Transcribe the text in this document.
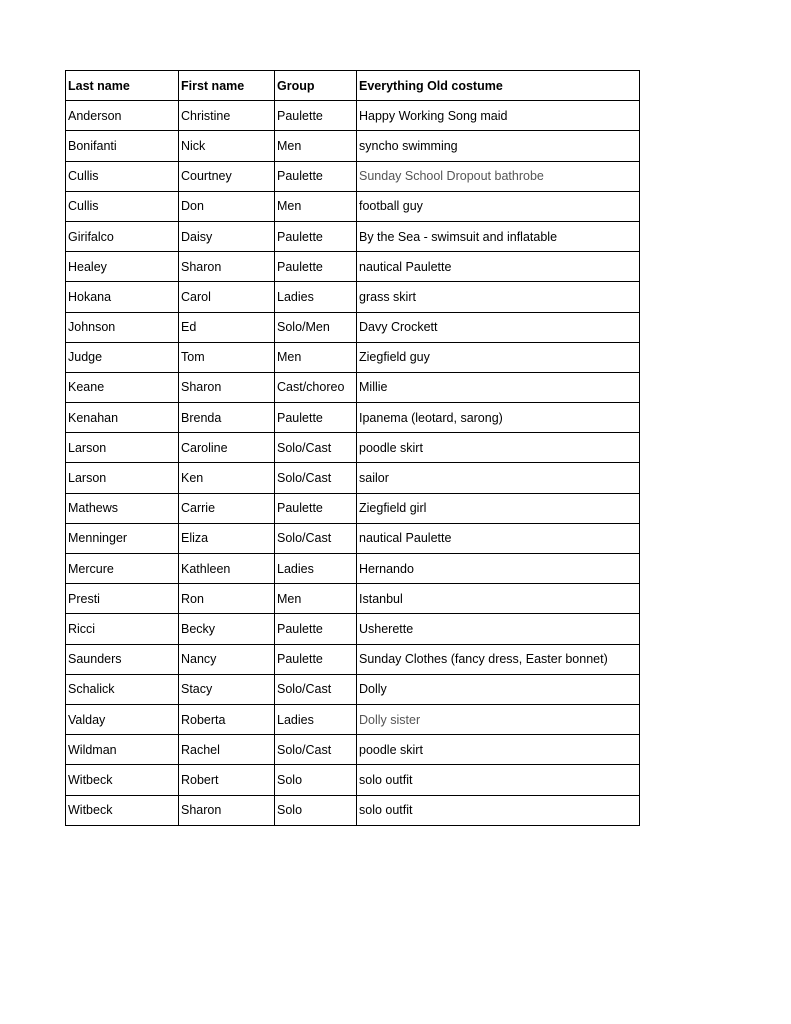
Last name	First name	Group	Everything Old costume
Anderson	Christine	Paulette	Happy Working Song maid
Bonifanti	Nick	Men	syncho swimming
Cullis	Courtney	Paulette	Sunday School Dropout bathrobe
Cullis	Don	Men	football guy
Girifalco	Daisy	Paulette	By the Sea - swimsuit and inflatable
Healey	Sharon	Paulette	nautical Paulette
Hokana	Carol	Ladies	grass skirt
Johnson	Ed	Solo/Men	Davy Crockett
Judge	Tom	Men	Ziegfield guy
Keane	Sharon	Cast/choreo	Millie
Kenahan	Brenda	Paulette	Ipanema (leotard, sarong)
Larson	Caroline	Solo/Cast	poodle skirt
Larson	Ken	Solo/Cast	sailor
Mathews	Carrie	Paulette	Ziegfield girl
Menninger	Eliza	Solo/Cast	nautical Paulette
Mercure	Kathleen	Ladies	Hernando
Presti	Ron	Men	Istanbul
Ricci	Becky	Paulette	Usherette
Saunders	Nancy	Paulette	Sunday Clothes (fancy dress, Easter bonnet)
Schalick	Stacy	Solo/Cast	Dolly
Valday	Roberta	Ladies	Dolly sister
Wildman	Rachel	Solo/Cast	poodle skirt
Witbeck	Robert	Solo	solo outfit
Witbeck	Sharon	Solo	solo outfit
